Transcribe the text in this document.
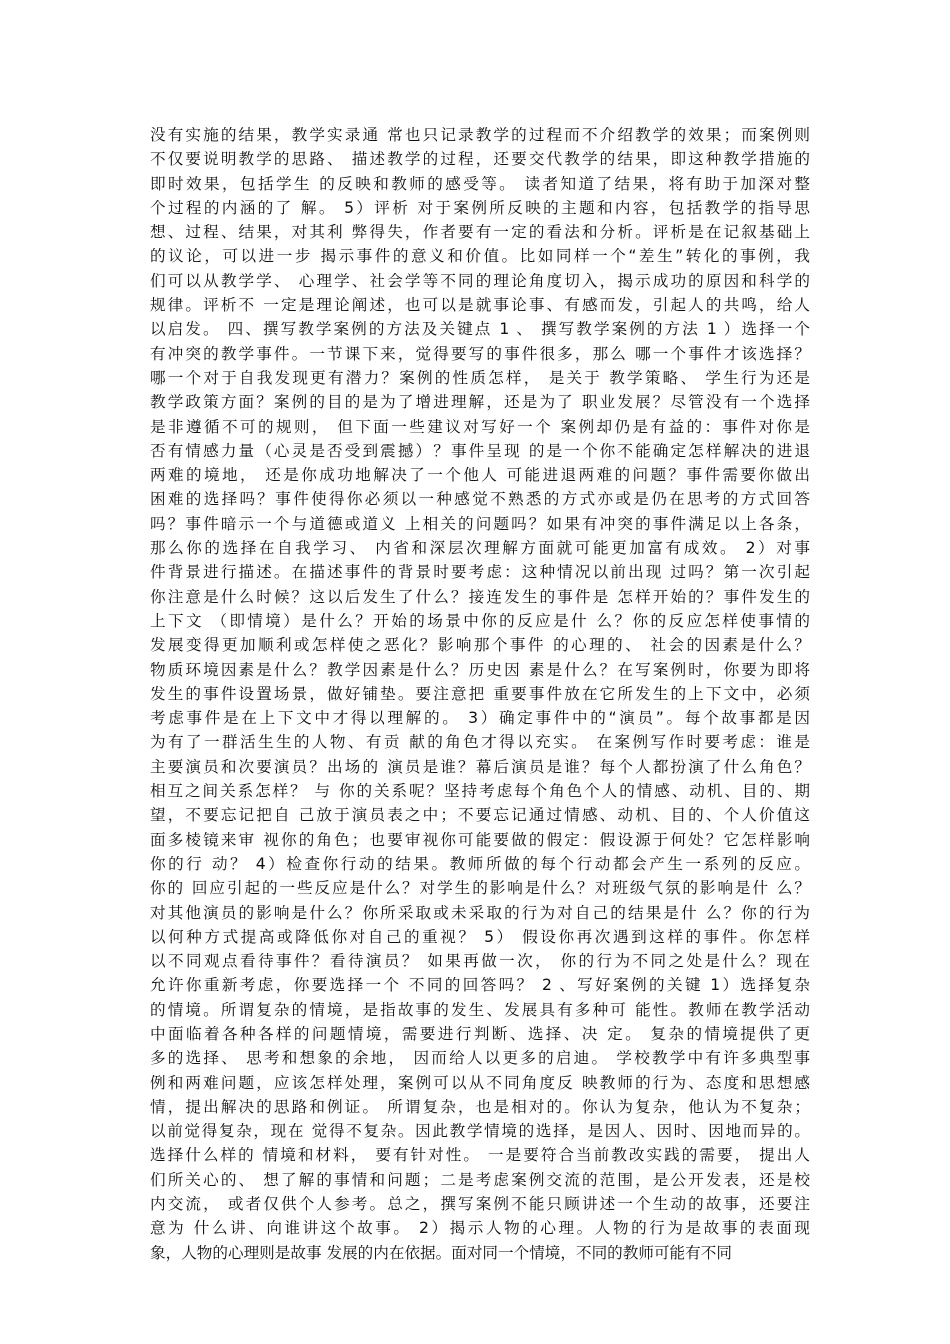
没有实施的结果，教学实录通 常也只记录教学的过程而不介绍教学的效果；而案例则
不仅要说明教学的思路、 描述教学的过程，还要交代教学的结果，即这种教学措施的
即时效果，包括学生 的反映和教师的感受等。 读者知道了结果，将有助于加深对整
个过程的内涵的了 解。 5）评析 对于案例所反映的主题和内容，包括教学的指导思
想、过程、结果，对其利 弊得失，作者要有一定的看法和分析。评析是在记叙基础上
的议论，可以进一步 揭示事件的意义和价值。比如同样一个“差生”转化的事例，我
们可以从教学学、 心理学、社会学等不同的理论角度切入，揭示成功的原因和科学的
规律。评析不 一定是理论阐述，也可以是就事论事、有感而发，引起人的共鸣，给人
以启发。 四、撰写教学案例的方法及关键点 1 、 撰写教学案例的方法 1 ）选择一个
有冲突的教学事件。一节课下来，觉得要写的事件很多，那么 哪一个事件才该选择？
哪一个对于自我发现更有潜力？案例的性质怎样， 是关于 教学策略、 学生行为还是
教学政策方面？案例的目的是为了增进理解，还是为了 职业发展？尽管没有一个选择
是非遵循不可的规则， 但下面一些建议对写好一个 案例却仍是有益的：事件对你是
否有情感力量（心灵是否受到震撼）？事件呈现 的是一个你不能确定怎样解决的进退
两难的境地， 还是你成功地解决了一个他人 可能进退两难的问题？事件需要你做出
困难的选择吗？事件使得你必须以一种感觉不熟悉的方式亦或是仍在思考的方式回答
吗？事件暗示一个与道德或道义 上相关的问题吗？如果有冲突的事件满足以上各条，
那么你的选择在自我学习、 内省和深层次理解方面就可能更加富有成效。 2）对事
件背景进行描述。在描述事件的背景时要考虑：这种情况以前出现 过吗？第一次引起
你注意是什么时候？这以后发生了什么？接连发生的事件是 怎样开始的？事件发生的
上下文 （即情境）是什么？开始的场景中你的反应是什 么？你的反应怎样使事情的
发展变得更加顺利或怎样使之恶化？影响那个事件 的心理的、 社会的因素是什么？
物质环境因素是什么？教学因素是什么？历史因 素是什么？在写案例时，你要为即将
发生的事件设置场景，做好铺垫。要注意把 重要事件放在它所发生的上下文中，必须
考虑事件是在上下文中才得以理解的。 3）确定事件中的“演员”。每个故事都是因
为有了一群活生生的人物、有贡 献的角色才得以充实。 在案例写作时要考虑：谁是
主要演员和次要演员？出场的 演员是谁？幕后演员是谁？每个人都扮演了什么角色？
相互之间关系怎样？ 与 你的关系呢？坚持考虑每个角色个人的情感、动机、目的、期
望，不要忘记把自 己放于演员表之中；不要忘记通过情感、动机、目的、个人价值这
面多棱镜来审 视你的角色；也要审视你可能要做的假定：假设源于何处？它怎样影响
你的行 动？ 4）检查你行动的结果。教师所做的每个行动都会产生一系列的反应。
你的 回应引起的一些反应是什么？对学生的影响是什么？对班级气氛的影响是什 么？
对其他演员的影响是什么？你所采取或未采取的行为对自己的结果是什 么？你的行为
以何种方式提高或降低你对自己的重视？ 5） 假设你再次遇到这样的事件。你怎样
以不同观点看待事件？看待演员？ 如果再做一次， 你的行为不同之处是什么？现在
允许你重新考虑，你要选择一个 不同的回答吗？ 2 、写好案例的关键 1）选择复杂
的情境。所谓复杂的情境，是指故事的发生、发展具有多种可 能性。教师在教学活动
中面临着各种各样的问题情境，需要进行判断、选择、决 定。 复杂的情境提供了更
多的选择、 思考和想象的余地， 因而给人以更多的启迪。 学校教学中有许多典型事
例和两难问题，应该怎样处理，案例可以从不同角度反 映教师的行为、态度和思想感
情，提出解决的思路和例证。 所谓复杂，也是相对的。你认为复杂，他认为不复杂；
以前觉得复杂，现在 觉得不复杂。因此教学情境的选择，是因人、因时、因地而异的。
选择什么样的 情境和材料， 要有针对性。 一是要符合当前教改实践的需要， 提出人
们所关心的、 想了解的事情和问题；二是考虑案例交流的范围，是公开发表，还是校
内交流， 或者仅供个人参考。总之，撰写案例不能只顾讲述一个生动的故事，还要注
意为 什么讲、向谁讲这个故事。 2）揭示人物的心理。人物的行为是故事的表面现
象，人物的心理则是故事 发展的内在依据。面对同一个情境，不同的教师可能有不同
